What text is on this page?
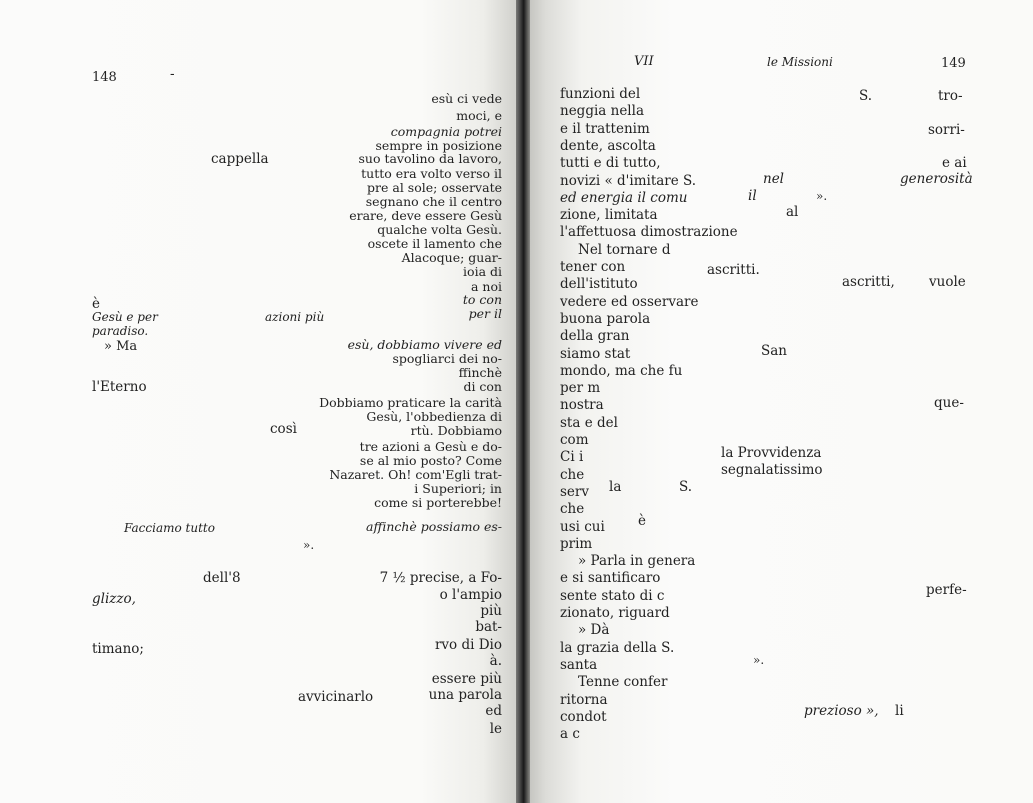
148	-
esù ci vede
moci, e
compagnia potrei
sempre in posizione
suo tavolino da lavoro,
tutto era volto verso il
pre al sole; osservate
segnano che il centro
erare, deve essere Gesù
qualche volta Gesù.
oscete il lamento che
Alacoque; guar-
ioia di
a noi
to con
per il
esù, dobbiamo vivere ed
spogliarci dei no-
ffinchè
di con
Dobbiamo praticare la carità
Gesù, l'obbedienza di
rtù. Dobbiamo
tre azioni a Gesù e do-
se al mio posto? Come
Nazaret. Oh! com'Egli trat-
i Superiori; in
come si porterebbe!
affinchè possiamo es-
7 ½ precise, a Fo-
o l'ampio
più
bat-
rvo di Dio
à.
essere più
una parola
ed
le
cappella
è
Gesù e per	azioni più
paradiso.
» Ma
l'Eterno
così
Facciamo tutto
».
dell'8
glizzo,
timano;
avvicinarlo
VII	le Missioni	149
funzioni del
neggia nella
e il trattenim
dente, ascolta
tutti e di tutto,
novizi « d'imitare S.
ed energia il comu
zione, limitata
l'affettuosa dimostrazione
Nel tornare d
tener con
dell'istituto
vedere ed osservare
buona parola
della gran
siamo stat
mondo, ma che fu
per m
nostra
sta e del
com
Ci i
che
serv
che
usi cui
prim
» Parla in genera
e si santificaro
sente stato di c
zionato, riguard
» Dà
la grazia della S.
santa
Tenne confer
ritorna
condot
a c
S.	tro-
sorri-
e ai
nel	generosità
il	».
al
ascritti.
ascritti,	vuole
San
que-
la Provvidenza
segnalatissimo
la	S.
è
perfe-
».
prezioso », li
